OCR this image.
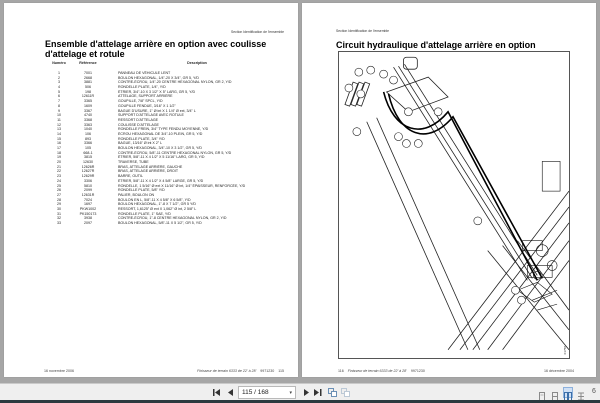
Section Identification de l'ensemble
Ensemble d'attelage arrière en option avec coulisse d'attelage et rotule
Numéro	Référence	Description
1	7001	PANNEAU DE VÉHICULE LENT
2	2668	BOULON HEXAGONAL, 1/4"-20 X 3/4", GR 5, Y/D
3	3881	CONTRE-ÉCROU, 1/4"-20 CENTRE HEXAGONAL NYLON, GR 2, Y/D
4	506	RONDELLE PLATE, 1/4", Y/D
5	198	ÉTRIER, 3/4"-10 X 3 1/2" X 5" LARG, GR 5, Y/D
6	12611R	ATTELAGE, SUPPORT ARRIÈRE
7	3365	GOUPILLE, 7/8" SPCL, Y/D
8	1609	GOUPILLE FENDUE, 3/16" X 1 1/2"
9	3367	BAGUE D'USURE, 1" Ø int X 1 1/4" Ø ext, 3/4" L
10	4740	SUPPORT D'ATTELAGE AVEC ROTULE
11	3368	RESSORT D'ATTELAGE
12	3363	COULISSE D'ATTELAGE
13	1040	RONDELLE FREIN, 3/4" TYPE FENDU MOYENNE, Y/D
14	106	ÉCROU HEXAGONAL DE 3/4"-10 PLEIN, GR 5, Y/D
15	893	RONDELLE PLATE, 3/4" Y/D
16	3366	BAGUE, 13/16" Ø int X 2" L
17	105	BOULON HEXAGONAL, 3/4"-10 X 3 1/2", GR 5, Y/D
18	668-1	CONTRE-ÉCROU, 5/8"-11 CENTRE HEXAGONAL NYLON, GR 5, Y/D
19	3815	ÉTRIER, 5/8"-11 X 4 1/2" X 5 11/16" LARG, GR 5, Y/D
20	12630	TRAVERSE, TUBE
21	12626R	BRAS, ATTELAGE ARRIÈRE, GAUCHE
22	12627R	BRAS, ATTELAGE ARRIÈRE, DROIT
23	12629R	BARRE, OUTIL
24	3306	ÉTRIER, 5/8"-11 X 4 1/2" X 4 5/8" LARGE, GR 5, Y/D
25	5810	RONDELLE, 1 5/16" Ø ext X 11/16" Ø int, 1/4" ÉPAISSEUR, RENFORCÉE, Y/D
26	2099	RONDELLE PLATE, 5/8" Y/D
27	12631R	PALIER, BOULON ON
28	7024	BOULON EN L, 5/8"-11 X 4 5/8" X 6 5/8", Y/D
29	1697	BOULON HEXAGONAL, 1"-8 X 7 1/2", GR 5 Y/D
30	PKW1002	RESSORT, 1,6125" Ø ext X 1,062" Ø int, 2 5/8" L
31	PK150173	RONDELLE PLATE, 1" SAE, Y/D
32	3938	CONTRE-ÉCROU, 1"-8 CENTRE HEXAGONAL NYLON, GR 2, Y/D
33	2097	BOULON HEXAGONAL, 5/8"-11 X 5 1/2", GR 5, Y/D
16 novembre 2006	Finisseur de terrain 6333 de 22' à 28' 9971230 115
Section Identification de l'ensemble
Circuit hydraulique d'attelage arrière en option
01758
116 Finisseur de terrain 6333 de 22' à 28' 9971230	16 décembre 2004
115 / 168	▾	6
